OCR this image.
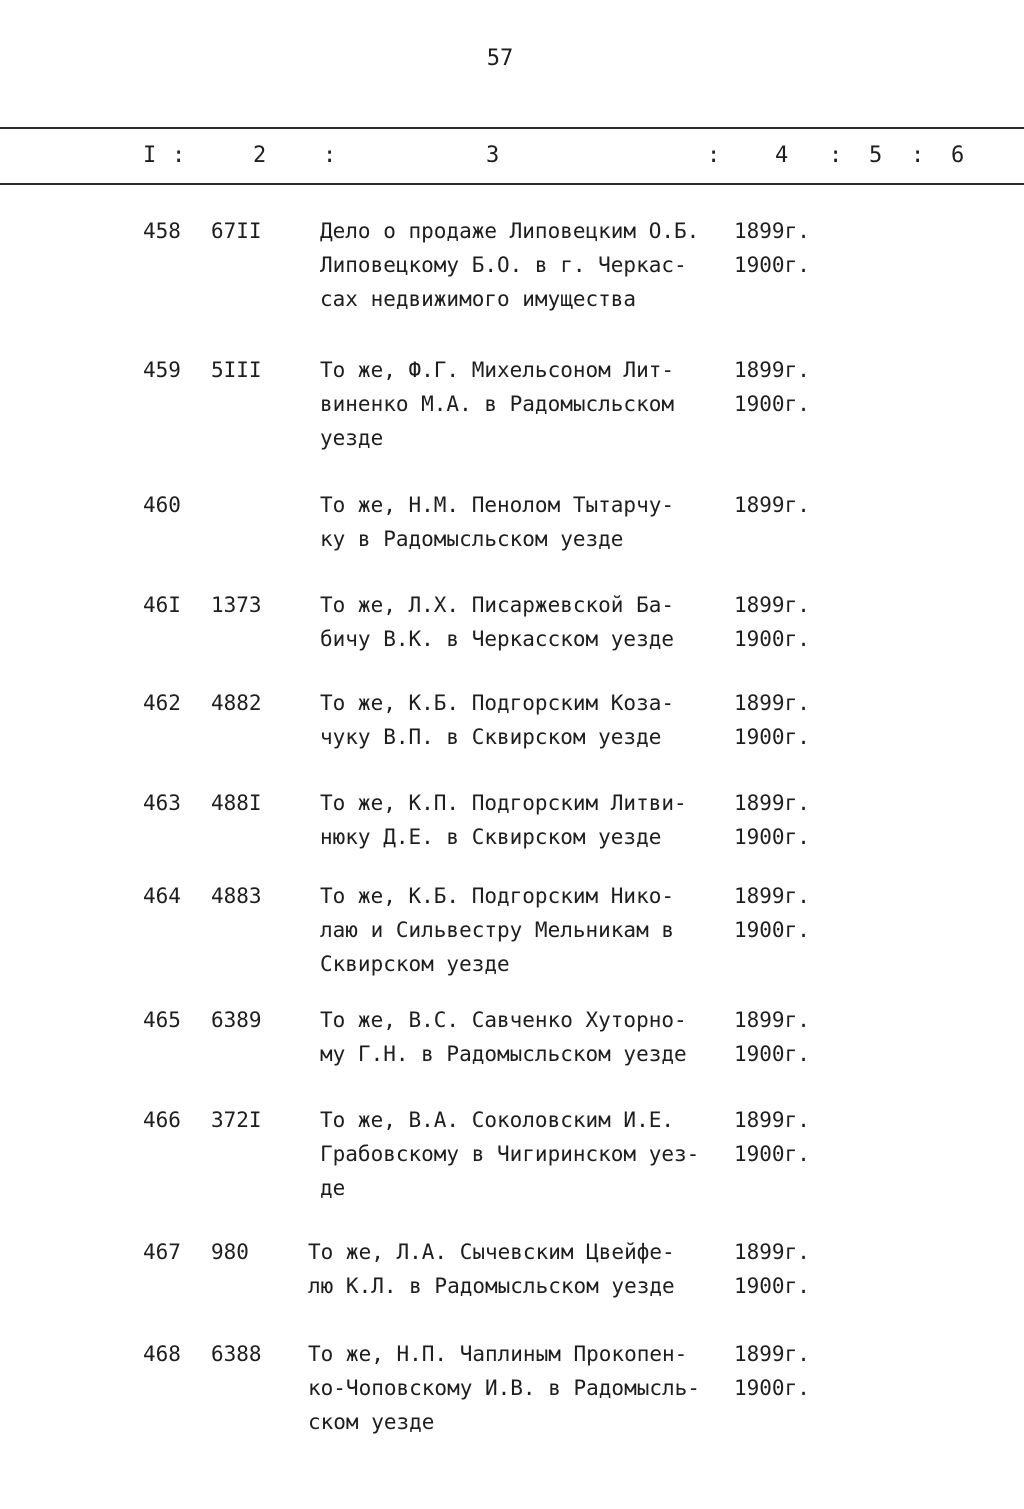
57
I :	2	:	3	: 4 : 5 : 6
458 67II	Дело о продаже Липовецким О.Б.
Липовецкому Б.О. в г. Черкас-
сах недвижимого имущества
1899г.
1900г.
459 5III	То же, Ф.Г. Михельсоном Лит-
виненко М.А. в Радомысльском
уезде
1899г.
1900г.
460	То же, Н.М. Пенолом Тытарчу-
ку в Радомысльском уезде
1899г.
46I 1373	То же, Л.Х. Писаржевской Ба-
бичу В.К. в Черкасском уезде
1899г.
1900г.
462 4882	То же, К.Б. Подгорским Коза-
чуку В.П. в Сквирском уезде
1899г.
1900г.
463 488I	То же, К.П. Подгорским Литви-
нюку Д.Е. в Сквирском уезде
1899г.
1900г.
464 4883	То же, К.Б. Подгорским Нико-
лаю и Сильвестру Мельникам в
Сквирском уезде
1899г.
1900г.
465 6389	То же, В.С. Савченко Хуторно-
му Г.Н. в Радомысльском уезде
1899г.
1900г.
466 372I	То же, В.А. Соколовским И.Е.
Грабовскому в Чигиринском уез-
де
1899г.
1900г.
467 980	То же, Л.А. Сычевским Цвейфе-
лю К.Л. в Радомысльском уезде
1899г.
1900г.
468 6388 То же, Н.П. Чаплиным Прокопен-
ко-Чоповскому И.В. в Радомысль-
ском уезде
1899г.
1900г.
